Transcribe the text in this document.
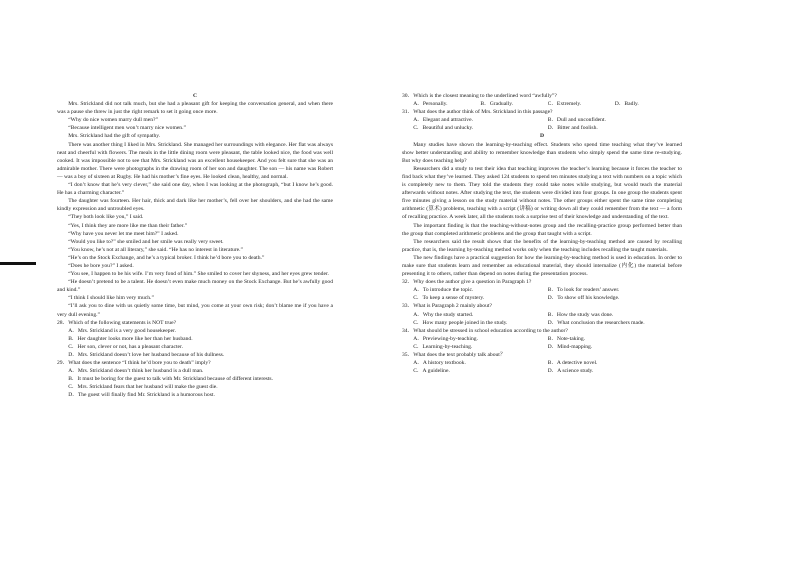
C

Mrs. Strickland did not talk much, but she had a pleasant gift for keeping the conversation general, and when there was a pause she threw in just the right remark to set it going once more.

“Why do nice women marry dull men?”

“Because intelligent men won’t marry nice women.”

Mrs. Strickland had the gift of sympathy.

There was another thing I liked in Mrs. Strickland. She managed her surroundings with elegance. Her flat was always neat and cheerful with flowers. The meals in the little dining room were pleasant, the table looked nice, the food was well cooked. It was impossible not to see that Mrs. Strickland was an excellent housekeeper. And you felt sure that she was an admirable mother. There were photographs in the drawing room of her son and daughter. The son — his name was Robert — was a boy of sixteen at Rugby. He had his mother’s fine eyes. He looked clean, healthy, and normal.

“I don’t know that he’s very clever,” she said one day, when I was looking at the photograph, “but I know he’s good. He has a charming character.”

The daughter was fourteen. Her hair, thick and dark like her mother’s, fell over her shoulders, and she had the same kindly expression and untroubled eyes.

“They both look like you,” I said.

“Yes, I think they are more like me than their father.”

“Why have you never let me meet him?” I asked.

“Would you like to?” she smiled and her smile was really very sweet.

“You know, he’s not at all literary,” she said. “He has no interest in literature.”

“He’s on the Stock Exchange, and he’s a typical broker. I think he’d bore you to death.”

“Does he bore you?” I asked.

“You see, I happen to be his wife. I’m very fond of him.” She smiled to cover her shyness, and her eyes grew tender.

“He doesn’t pretend to be a talent. He doesn’t even make much money on the Stock Exchange. But he’s awfully good and kind.”

“I think I should like him very much.”

“I’ll ask you to dine with us quietly some time, but mind, you come at your own risk; don’t blame me if you have a very dull evening.”

28．Which of the following statements is NOT true?
A．Mrs. Strickland is a very good housekeeper.
B．Her daughter looks more like her than her husband.
C．Her son, clever or not, has a pleasant character.
D．Mrs. Strickland doesn’t love her husband because of his dullness.
29．What does the sentence “I think he’d bore you to death” imply?
A．Mrs. Strickland doesn’t think her husband is a dull man.
B．It must be boring for the guest to talk with Mr. Strickland because of different interests.
C．Mrs. Strickland fears that her husband will make the guest die.
D．The guest will finally find Mr. Strickland is a humorous host.
30．Which is the closest meaning to the underlined word “awfully”?
A．Personally.	B．Gradually.	C．Extremely.	D．Badly.
31．What does the author think of Mrs. Strickland in this passage?
A．Elegant and attractive.	B．Dull and unconfident.
C．Beautiful and unlucky.	D．Bitter and foolish.
D

Many studies have shown the learning-by-teaching effect. Students who spend time teaching what they’ve learned show better understanding and ability to remember knowledge than students who simply spend the same time re-studying. But why does teaching help?

Researchers did a study to test their idea that teaching improves the teacher’s learning because it forces the teacher to find back what they’ve learned. They asked 124 students to spend ten minutes studying a text with numbers on a topic which is completely new to them. They told the students they could take notes while studying, but would teach the material afterwards without notes. After studying the text, the students were divided into four groups. In one group the students spent five minutes giving a lesson on the study material without notes. The other groups either spent the same time completing arithmetic (算术) problems, teaching with a script (讲稿) or writing down all they could remember from the text — a form of recalling practice. A week later, all the students took a surprise test of their knowledge and understanding of the text.

The important finding is that the teaching-without-notes group and the recalling-practice group performed better than the group that completed arithmetic problems and the group that taught with a script.

The researchers said the result shows that the benefits of the learning-by-teaching method are caused by recalling practice, that is, the learning by-teaching method works only when the teaching includes recalling the taught materials.

The new findings have a practical suggestion for how the learning-by-teaching method is used in education. In order to make sure that students learn and remember an educational material, they should internalize (内化) the material before presenting it to others, rather than depend on notes during the presentation process.

32．Why does the author give a question in Paragraph 1?
A．To introduce the topic.	B．To look for readers’ answer.
C．To keep a sense of mystery.	D．To show off his knowledge.
33．What is Paragraph 2 mainly about?
A．Why the study started.	B．How the study was done.
C．How many people joined in the study.	D．What conclusion the researchers made.
34．What should be stressed in school education according to the author?
A．Previewing-by-teaching.	B．Note-taking.
C．Learning-by-teaching.	D．Mind-mapping.
35．What does the text probably talk about？
A．A history textbook.	B．A detective novel.
C．A guideline.	D．A science study.
